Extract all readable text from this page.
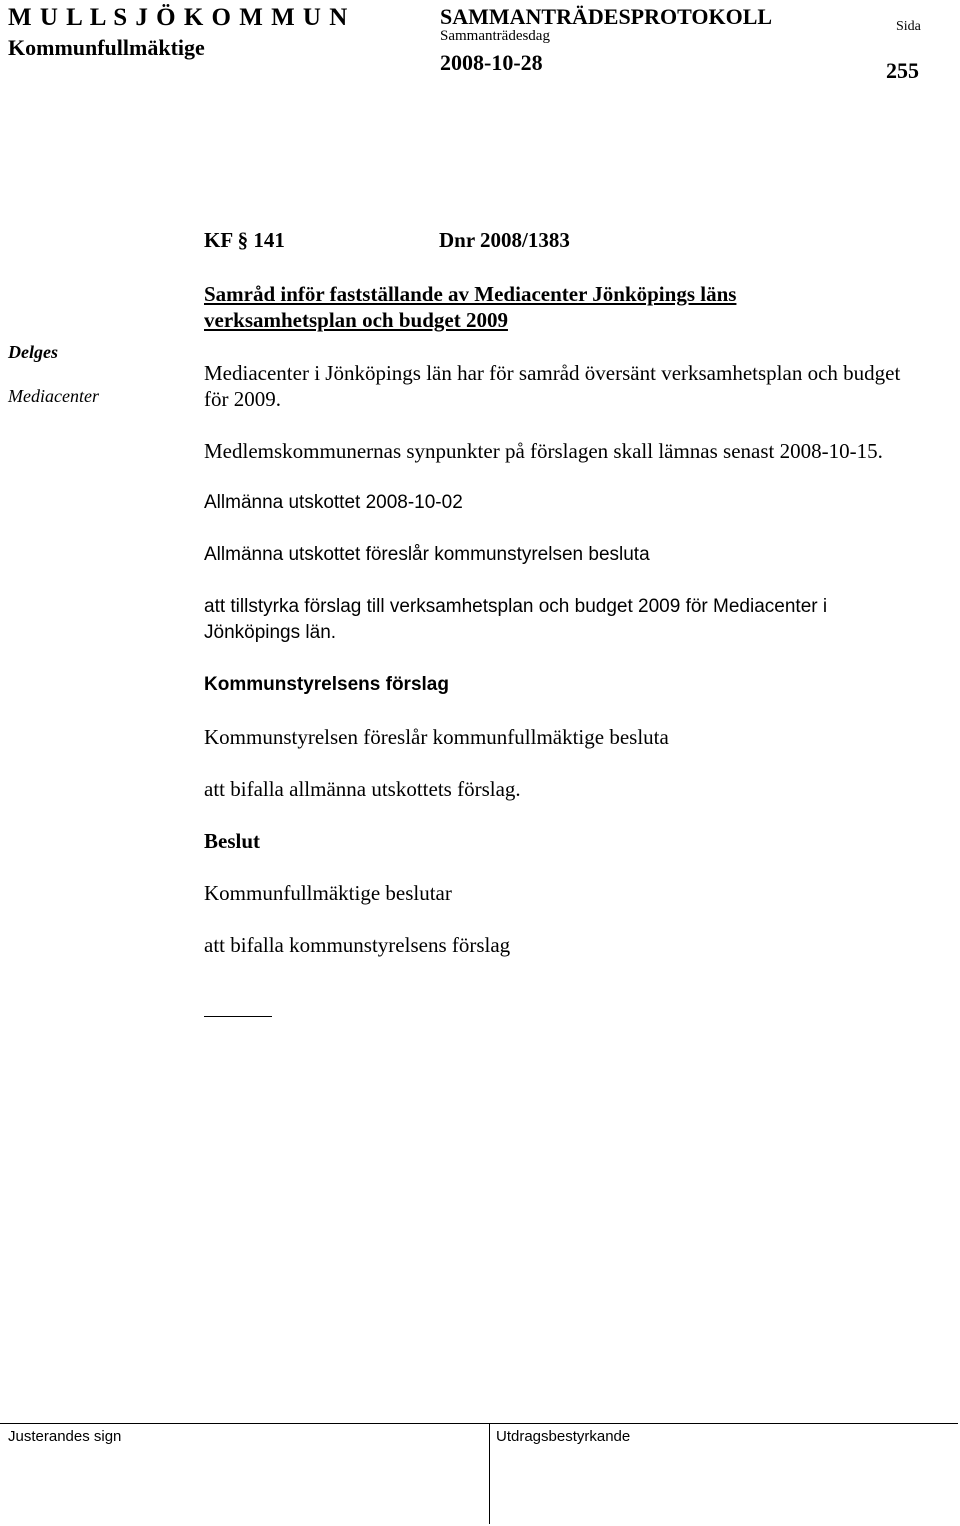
M U L L S J Ö K O M M U N
Kommunfullmäktige
SAMMANTRÄDESPROTOKOLL
Sammanträdesdag
2008-10-28
Sida
255
KF § 141	Dnr 2008/1383
Samråd inför fastställande av Mediacenter Jönköpings läns verksamhetsplan och budget 2009
Delges
Mediacenter

Mediacenter i Jönköpings län har för samråd översänt verksamhetsplan och budget för 2009.

Medlemskommunernas synpunkter på förslagen skall lämnas senast 2008-10-15.

Allmänna utskottet 2008-10-02

Allmänna utskottet föreslår kommunstyrelsen besluta

att tillstyrka förslag till verksamhetsplan och budget 2009 för Mediacenter i Jönköpings län.

Kommunstyrelsens förslag

Kommunstyrelsen föreslår kommunfullmäktige besluta

att bifalla allmänna utskottets förslag.

Beslut

Kommunfullmäktige beslutar

att bifalla kommunstyrelsens förslag

Justerandes sign	Utdragsbestyrkande
